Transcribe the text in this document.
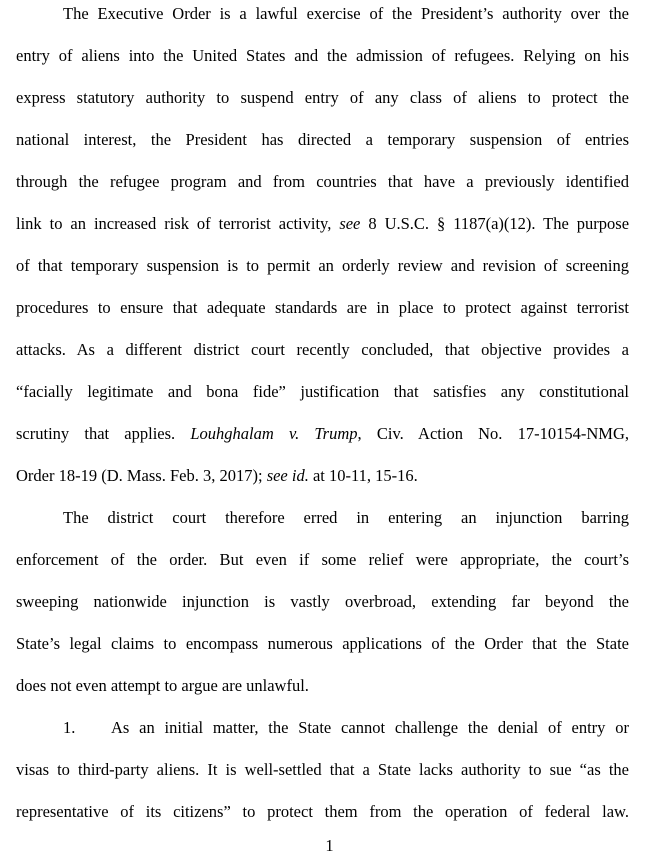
The Executive Order is a lawful exercise of the President’s authority over the
entry of aliens into the United States and the admission of refugees. Relying on his
express statutory authority to suspend entry of any class of aliens to protect the
national interest, the President has directed a temporary suspension of entries
through the refugee program and from countries that have a previously identified
link to an increased risk of terrorist activity, see 8 U.S.C. § 1187(a)(12). The purpose
of that temporary suspension is to permit an orderly review and revision of screening
procedures to ensure that adequate standards are in place to protect against terrorist
attacks. As a different district court recently concluded, that objective provides a
“facially legitimate and bona fide” justification that satisfies any constitutional
scrutiny that applies. Louhghalam v. Trump, Civ. Action No. 17-10154-NMG,
Order 18-19 (D. Mass. Feb. 3, 2017); see id. at 10-11, 15-16.
The district court therefore erred in entering an injunction barring
enforcement of the order. But even if some relief were appropriate, the court’s
sweeping nationwide injunction is vastly overbroad, extending far beyond the
State’s legal claims to encompass numerous applications of the Order that the State
does not even attempt to argue are unlawful.
1. As an initial matter, the State cannot challenge the denial of entry or
visas to third-party aliens. It is well-settled that a State lacks authority to sue “as the
representative of its citizens” to protect them from the operation of federal law.
1
